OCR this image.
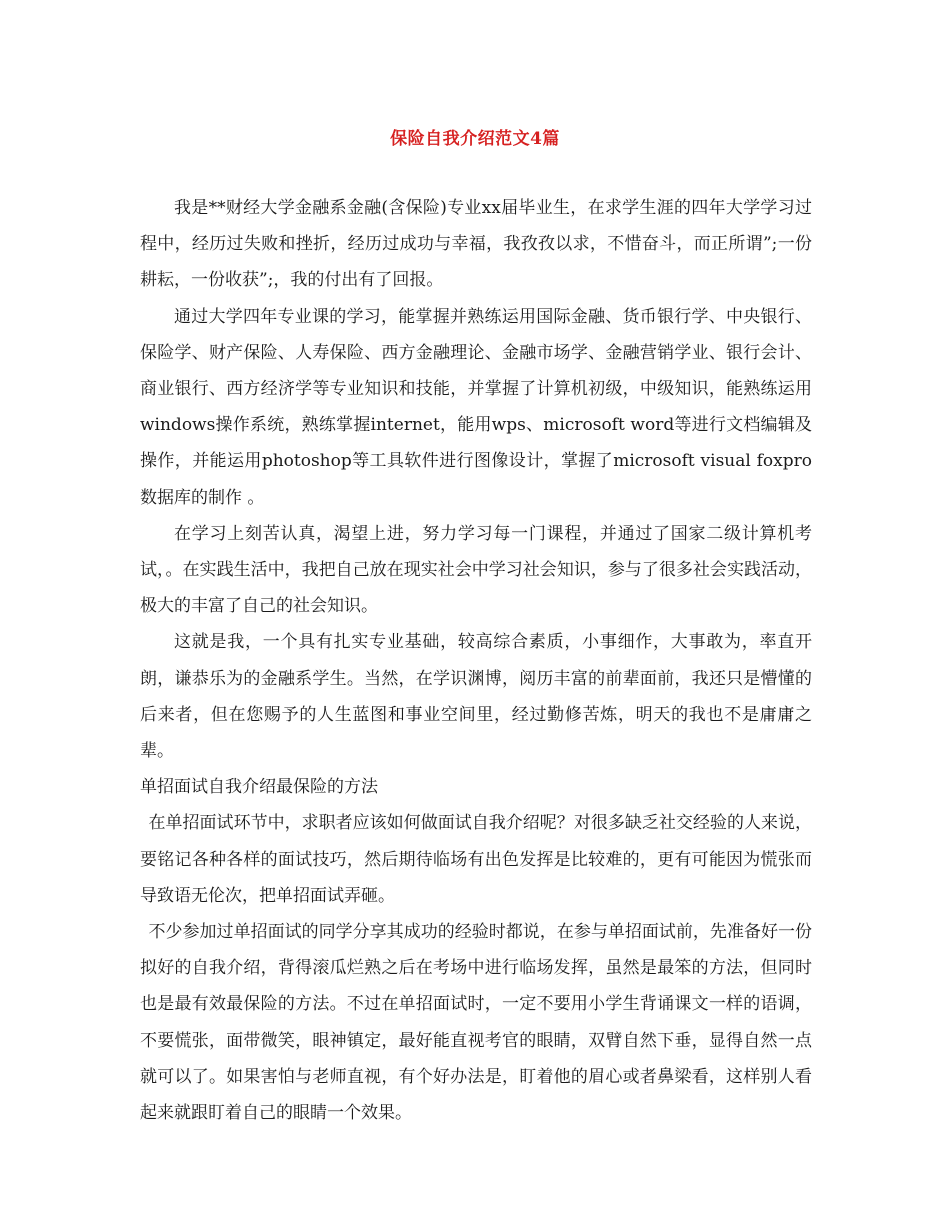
保险自我介绍范文4篇

我是**财经大学金融系金融(含保险)专业xx届毕业生，在求学生涯的四年大学学习过程中，经历过失败和挫折，经历过成功与幸福，我孜孜以求，不惜奋斗，而正所谓”;一份耕耘，一份收获”;，我的付出有了回报。

通过大学四年专业课的学习，能掌握并熟练运用国际金融、货币银行学、中央银行、保险学、财产保险、人寿保险、西方金融理论、金融市场学、金融营销学业、银行会计、商业银行、西方经济学等专业知识和技能，并掌握了计算机初级，中级知识，能熟练运用windows操作系统，熟练掌握internet，能用wps、microsoft word等进行文档编辑及操作，并能运用photoshop等工具软件进行图像设计，掌握了microsoft visual foxpro数据库的制作 。

在学习上刻苦认真，渴望上进，努力学习每一门课程，并通过了国家二级计算机考试，。在实践生活中，我把自己放在现实社会中学习社会知识，参与了很多社会实践活动，极大的丰富了自己的社会知识。

这就是我，一个具有扎实专业基础，较高综合素质，小事细作，大事敢为，率直开朗，谦恭乐为的金融系学生。当然，在学识渊博，阅历丰富的前辈面前，我还只是懵懂的后来者，但在您赐予的人生蓝图和事业空间里，经过勤修苦炼，明天的我也不是庸庸之辈。

单招面试自我介绍最保险的方法

在单招面试环节中，求职者应该如何做面试自我介绍呢？对很多缺乏社交经验的人来说，要铭记各种各样的面试技巧，然后期待临场有出色发挥是比较难的，更有可能因为慌张而导致语无伦次，把单招面试弄砸。

不少参加过单招面试的同学分享其成功的经验时都说，在参与单招面试前，先准备好一份拟好的自我介绍，背得滚瓜烂熟之后在考场中进行临场发挥，虽然是最笨的方法，但同时也是最有效最保险的方法。不过在单招面试时，一定不要用小学生背诵课文一样的语调，不要慌张，面带微笑，眼神镇定，最好能直视考官的眼睛，双臂自然下垂，显得自然一点就可以了。如果害怕与老师直视，有个好办法是，盯着他的眉心或者鼻梁看，这样别人看起来就跟盯着自己的眼睛一个效果。
